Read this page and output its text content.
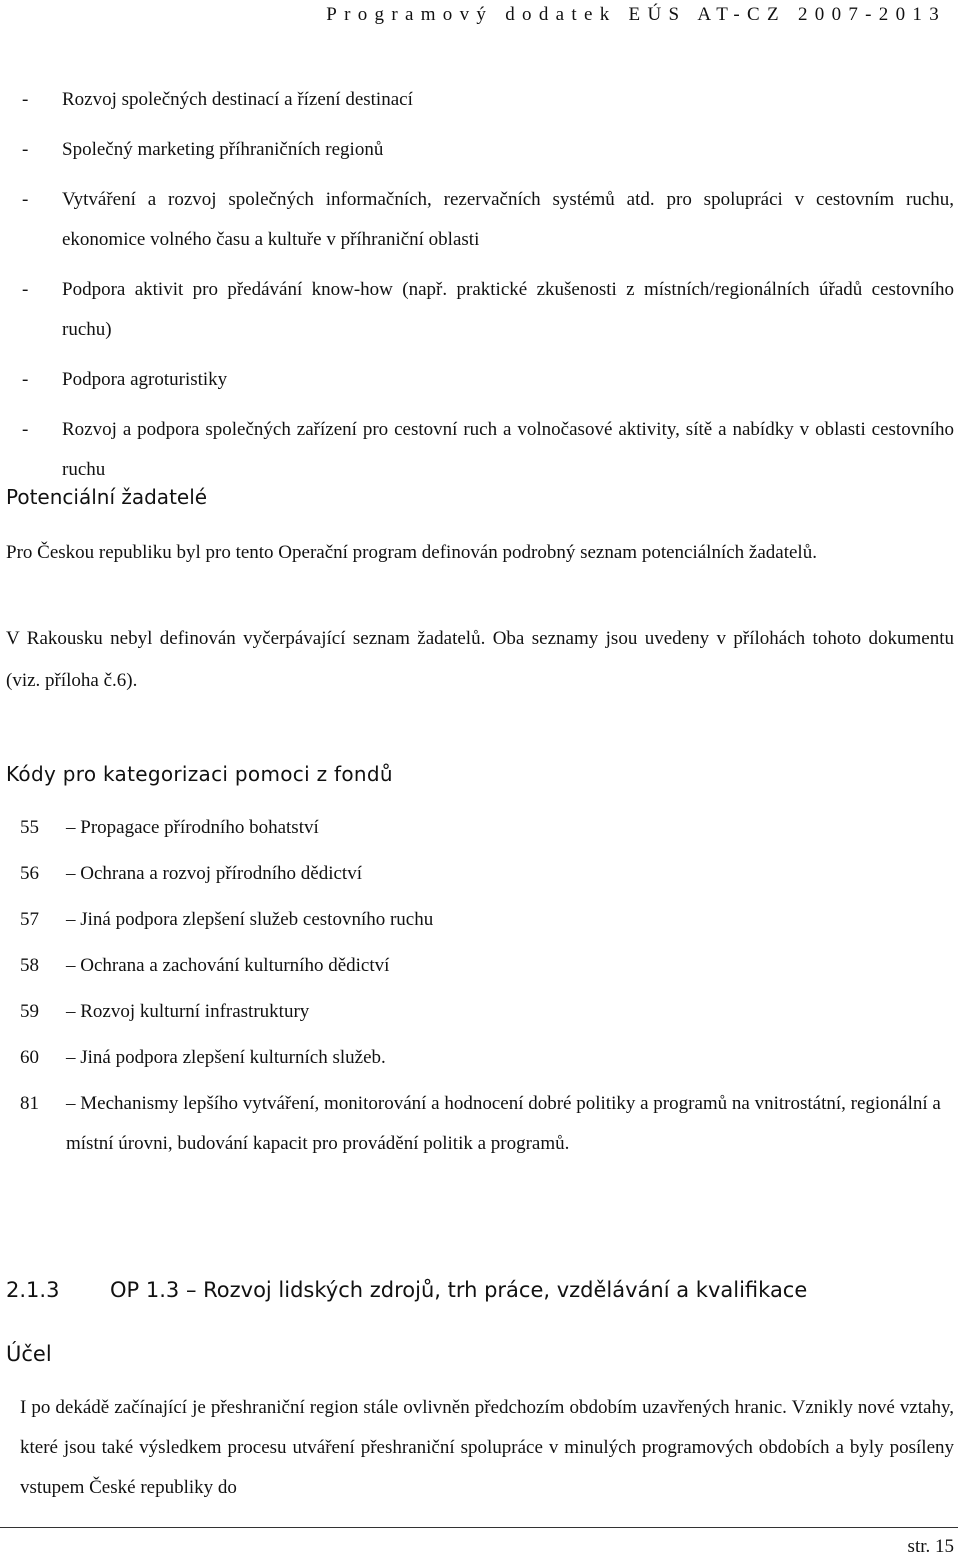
Programový dodatek EÚS AT-CZ 2007-2013
-	Rozvoj společných destinací a řízení destinací
-	Společný marketing příhraničních regionů
-	Vytváření a rozvoj společných informačních, rezervačních systémů atd. pro spolupráci v cestovním ruchu, ekonomice volného času a kultuře v příhraniční oblasti
-	Podpora aktivit pro předávání know-how (např. praktické zkušenosti z místních/regionálních úřadů cestovního ruchu)
-	Podpora agroturistiky
-	Rozvoj a podpora společných zařízení pro cestovní ruch a volnočasové aktivity, sítě a nabídky v oblasti cestovního ruchu
Potenciální žadatelé
Pro Českou republiku byl pro tento Operační program definován podrobný seznam potenciálních žadatelů.
V Rakousku nebyl definován vyčerpávající seznam žadatelů. Oba seznamy jsou uvedeny v přílohách tohoto dokumentu (viz. příloha č.6).
Kódy pro kategorizaci pomoci z fondů
55	– Propagace přírodního bohatství
56	– Ochrana a rozvoj přírodního dědictví
57	– Jiná podpora zlepšení služeb cestovního ruchu
58	– Ochrana a zachování kulturního dědictví
59	– Rozvoj kulturní infrastruktury
60	– Jiná podpora zlepšení kulturních služeb.
81	– Mechanismy lepšího vytváření, monitorování a hodnocení dobré politiky a programů na vnitrostátní, regionální a místní úrovni, budování kapacit pro provádění politik a programů.
2.1.3 OP 1.3 – Rozvoj lidských zdrojů, trh práce, vzdělávání a kvalifikace
Účel
I po dekádě začínající je přeshraniční region stále ovlivněn předchozím obdobím uzavřených hranic. Vznikly nové vztahy, které jsou také výsledkem procesu utváření přeshraniční spolupráce v minulých programových obdobích a byly posíleny vstupem České republiky do
str. 15
